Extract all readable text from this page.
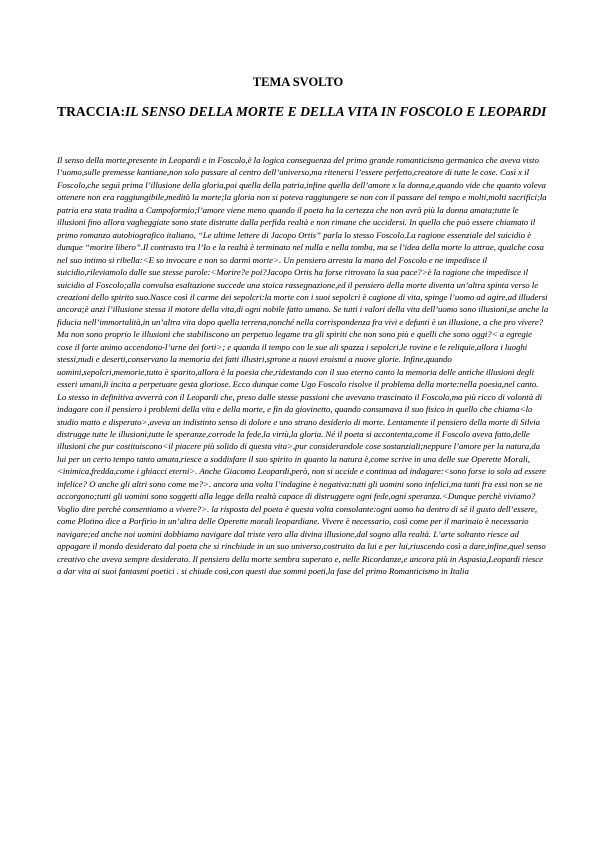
TEMA SVOLTO
TRACCIA:IL SENSO DELLA MORTE E DELLA VITA IN FOSCOLO E LEOPARDI

Il senso della morte,presente in Leopardi e in Foscolo,è la logica conseguenza del primo grande romanticismo germanico che aveva visto l’uomo,sulle premesse kantiane,non solo passare al centro dell’universo,ma ritenersi l’essere perfetto,creatore di tutte le cose. Così x il Foscolo,che seguì prima l’illusione della gloria,poi quella della patria,infine quella dell’amore x la donna,e,quando vide che quanto voleva ottenere non era raggiungibile,meditò la morte;la gloria non si poteva raggiungere se non con il passare del tempo e molti,molti sacrifici;la patria era stata tradita a Campoformio;l’amore viene meno quando il poeta ha la certezza che non avrà più la donna amata;tutte le illusioni fino allora vagheggiate sono state distrutte dalla perfida realtà e non rimane che uccidersi. In quello che può essere chiamato il primo romanzo autobiografico italiano, “Le ultime lettere di Jacopo Ortis” parla lo stesso Foscolo.La ragione essenziale del suicidio è dunque “morire libero”.Il contrasto tra l’Io e la realtà è terminato nel nulla e nella tomba, ma se l’idea della morte lo attrae, qualche cosa nel suo intimo si ribella:<E so invocare e non so darmi morte>. Un pensiero arresta la mano del Foscolo e ne impedisce il suicidio,rileviamolo dalle sue stesse parole:<Morire?e poi?Jacopo Ortis ha forse ritrovato la sua pace?>è la ragione che impedisce il suicidio al Foscolo;alla convulsa esaltazione succede una stoica rassegnazione,ed il pensiero della morte diventa un’altra spinta verso le creazioni dello spirito suo.Nasce così il carme dei sepolcri:la morte con i suoi sepolcri è cagione di vita, spinge l’uomo ad agire,ad illudersi ancora;è anzi l’illusione stessa il motore della vita,di ogni nobile fatto umano. Se tutti i valori della vita dell’uomo sono illusioni,se anche la fiducia nell’immortalità,in un’altra vita dopo quella terrena,nonché nella corrispondenza fra vivi e defunti è un illusione, a che pro vivere? Ma non sono proprio le illusioni che stabiliscono un perpetuo legame tra gli spiriti che non sono più e quelli che sono oggi?< a egregie cose il forte animo accendono-l’urne dei forti>; e quando il tempo con le sue ali spazza i sepolcri,le rovine e le reliquie,allora i luoghi stessi,nudi e deserti,conservano la memoria dei fatti illustri,sprone a nuovi eroismi a nuove glorie. Infine,quando uomini,sepolcri,memorie,tutto è sparito,allora è la poesia che,ridestando con il suo eterno canto la memoria delle antiche illusioni degli esseri umani,li incita a perpetuare gesta gloriose. Ecco dunque come Ugo Foscolo risolve il problema della morte:nella poesia,nel canto. Lo stesso in definitiva avverrà con il Leopardi che, preso dalle stesse passioni che avevano trascinato il Foscolo,ma più ricco di volontà di indagare con il pensiero i problemi della vita e della morte, e fin da giovinetto, quando consumava il suo fisico in quello che chiama<lo studio matto e disperato>,aveva un indistinto senso di dolore e uno strano desiderio di morte. Lentamente il pensiero della morte di Silvia distrugge tutte le illusioni,tutte le speranze,corrode la fede,la virtù,la gloria. Né il poeta si accontenta,come il Foscolo aveva fatto,delle illusioni che pur costituiscono<il piacere più solido di questa vita>,pur considerandole cose sostanziali;neppure l’amore per la natura,da lui per un certo tempo tanto amata,riesce a soddisfare il suo spirito in quanto la natura è,come scrive in una delle sue Operette Morali,<inimica,fredda,come i ghiacci eterni>. Anche Giacomo Leopardi,però, non si uccide e continua ad indagare:<sono forse io solo ad essere infelice? O anche gli altri sono come me?>. ancora una volta l’indagine è negativa:tutti gli uomini sono infelici,ma tanti fra essi non se ne accorgono;tutti gli uomini sono soggetti alla legge della realtà capace di distruggere ogni fede,ogni speranza.<Dunque perchè viviamo? Voglio dire perchè consentiamo a vivere?>. la risposta del poeta è questa volta consolante:ogni uomo ha dentro di sé il gusto dell’essere, come Plotino dice a Porfirio in un’altra delle Operette morali leopardiane. Vivere è necessario, così come per il marinaio è necessario navigare;ed anche noi uomini dobbiamo navigare dal triste vero alla divina illusione,dal sogno alla realtà. L’arte soltanto riesce ad appagare il mondo desiderato dal poeta che si rinchiude in un suo universo,costruito da lui e per lui,riuscendo così a dare,infine,quel senso creativo che aveva sempre desiderato. Il pensiero della morte sembra superato e, nelle Ricordanze,e ancora più in Aspasia,Leopardi riesce a dar vita ai suoi fantasmi poetici . si chiude così,con questi due sommi poeti,la fase del primo Romanticismo in Italia
